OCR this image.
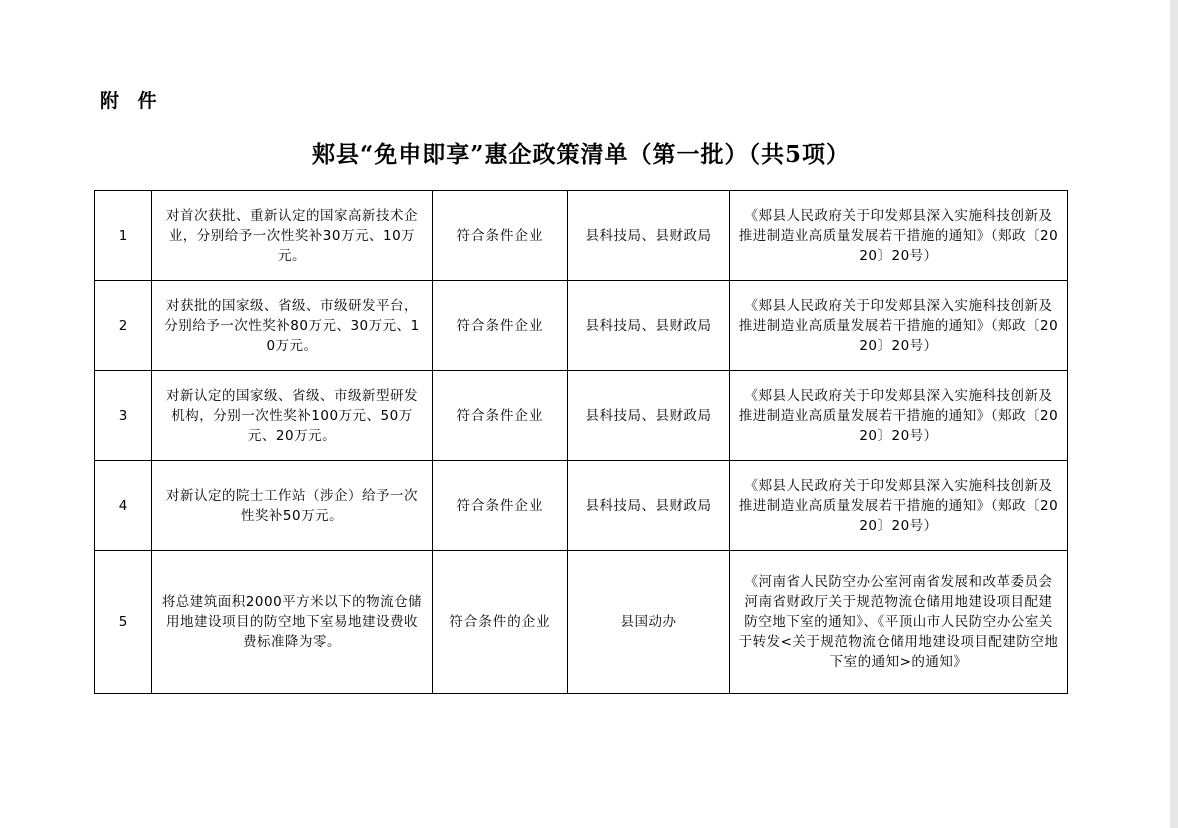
附 件
郏县“免申即享”惠企政策清单（第一批）（共5项）
1	对首次获批、重新认定的国家高新技术企业，分别给予一次性奖补30万元、10万元。	符合条件企业	县科技局、县财政局	《郏县人民政府关于印发郏县深入实施科技创新及推进制造业高质量发展若干措施的通知》（郏政〔2020〕20号）
2	对获批的国家级、省级、市级研发平台，分别给予一次性奖补80万元、30万元、10万元。	符合条件企业	县科技局、县财政局	《郏县人民政府关于印发郏县深入实施科技创新及推进制造业高质量发展若干措施的通知》（郏政〔2020〕20号）
3	对新认定的国家级、省级、市级新型研发机构，分别一次性奖补100万元、50万元、20万元。	符合条件企业	县科技局、县财政局	《郏县人民政府关于印发郏县深入实施科技创新及推进制造业高质量发展若干措施的通知》（郏政〔2020〕20号）
4	对新认定的院士工作站（涉企）给予一次性奖补50万元。	符合条件企业	县科技局、县财政局	《郏县人民政府关于印发郏县深入实施科技创新及推进制造业高质量发展若干措施的通知》（郏政〔2020〕20号）
5	将总建筑面积2000平方米以下的物流仓储用地建设项目的防空地下室易地建设费收费标准降为零。	符合条件的企业	县国动办	《河南省人民防空办公室河南省发展和改革委员会河南省财政厅关于规范物流仓储用地建设项目配建防空地下室的通知》、《平顶山市人民防空办公室关于转发<关于规范物流仓储用地建设项目配建防空地下室的通知>的通知》
